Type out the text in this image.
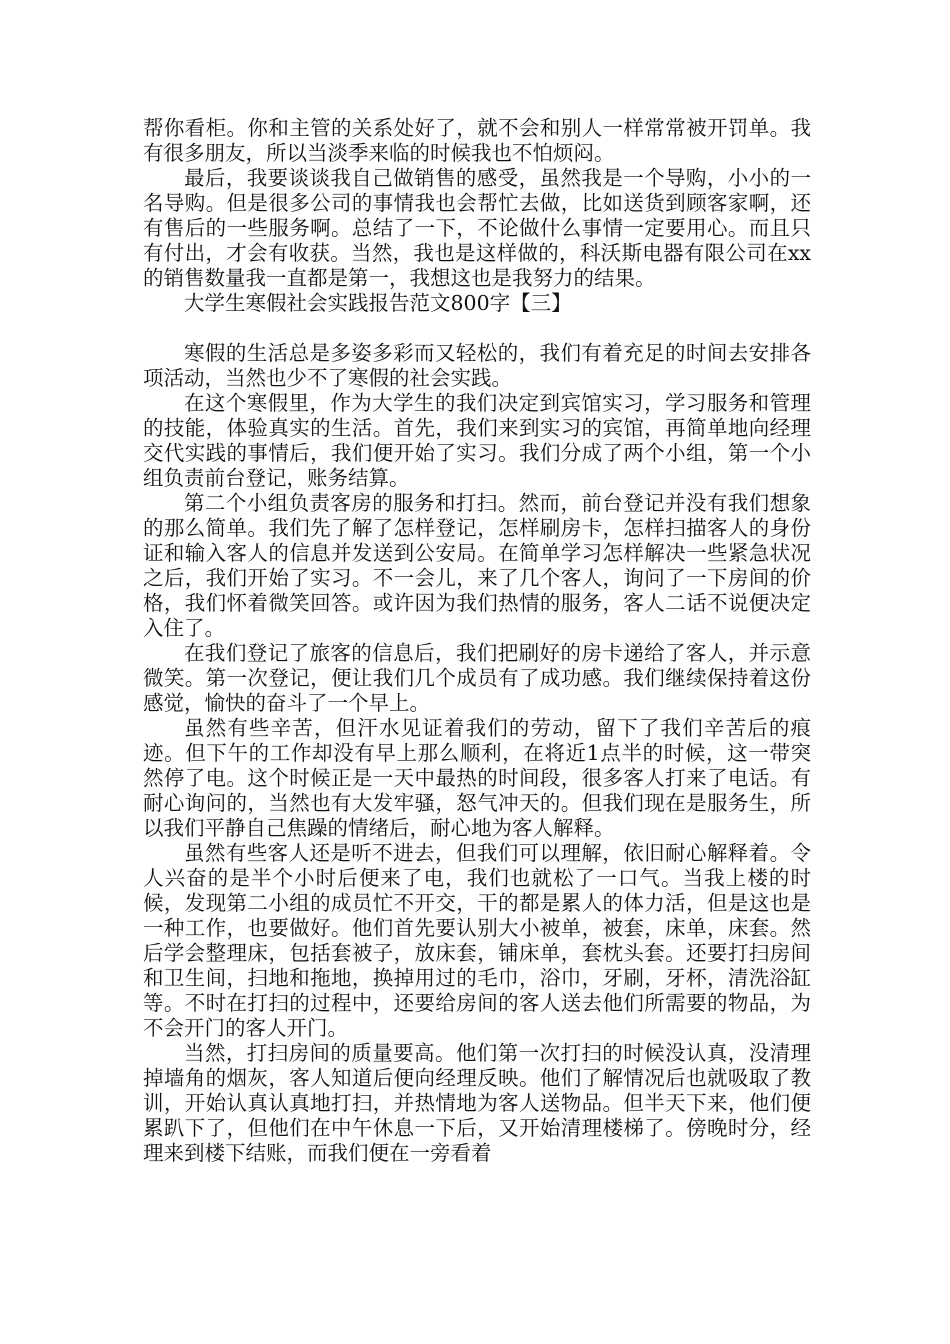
帮你看柜。你和主管的关系处好了，就不会和别人一样常常被开罚单。我有很多朋友，所以当淡季来临的时候我也不怕烦闷。

最后，我要谈谈我自己做销售的感受，虽然我是一个导购，小小的一名导购。但是很多公司的事情我也会帮忙去做，比如送货到顾客家啊，还有售后的一些服务啊。总结了一下，不论做什么事情一定要用心。而且只有付出，才会有收获。当然，我也是这样做的，科沃斯电器有限公司在xx的销售数量我一直都是第一，我想这也是我努力的结果。

大学生寒假社会实践报告范文800字【三】

寒假的生活总是多姿多彩而又轻松的，我们有着充足的时间去安排各项活动，当然也少不了寒假的社会实践。

在这个寒假里，作为大学生的我们决定到宾馆实习，学习服务和管理的技能，体验真实的生活。首先，我们来到实习的宾馆，再简单地向经理交代实践的事情后，我们便开始了实习。我们分成了两个小组，第一个小组负责前台登记，账务结算。

第二个小组负责客房的服务和打扫。然而，前台登记并没有我们想象的那么简单。我们先了解了怎样登记，怎样刷房卡，怎样扫描客人的身份证和输入客人的信息并发送到公安局。在简单学习怎样解决一些紧急状况之后，我们开始了实习。不一会儿，来了几个客人，询问了一下房间的价格，我们怀着微笑回答。或许因为我们热情的服务，客人二话不说便决定入住了。

在我们登记了旅客的信息后，我们把刷好的房卡递给了客人，并示意微笑。第一次登记，便让我们几个成员有了成功感。我们继续保持着这份感觉，愉快的奋斗了一个早上。

虽然有些辛苦，但汗水见证着我们的劳动，留下了我们辛苦后的痕迹。但下午的工作却没有早上那么顺利，在将近1点半的时候，这一带突然停了电。这个时候正是一天中最热的时间段，很多客人打来了电话。有耐心询问的，当然也有大发牢骚，怒气冲天的。但我们现在是服务生，所以我们平静自己焦躁的情绪后，耐心地为客人解释。

虽然有些客人还是听不进去，但我们可以理解，依旧耐心解释着。令人兴奋的是半个小时后便来了电，我们也就松了一口气。当我上楼的时候，发现第二小组的成员忙不开交，干的都是累人的体力活，但是这也是一种工作，也要做好。他们首先要认别大小被单，被套，床单，床套。然后学会整理床，包括套被子，放床套，铺床单，套枕头套。还要打扫房间和卫生间，扫地和拖地，换掉用过的毛巾，浴巾，牙刷，牙杯，清洗浴缸等。不时在打扫的过程中，还要给房间的客人送去他们所需要的物品，为不会开门的客人开门。

当然，打扫房间的质量要高。他们第一次打扫的时候没认真，没清理掉墙角的烟灰，客人知道后便向经理反映。他们了解情况后也就吸取了教训，开始认真认真地打扫，并热情地为客人送物品。但半天下来，他们便累趴下了，但他们在中午休息一下后，又开始清理楼梯了。傍晚时分，经理来到楼下结账，而我们便在一旁看着
